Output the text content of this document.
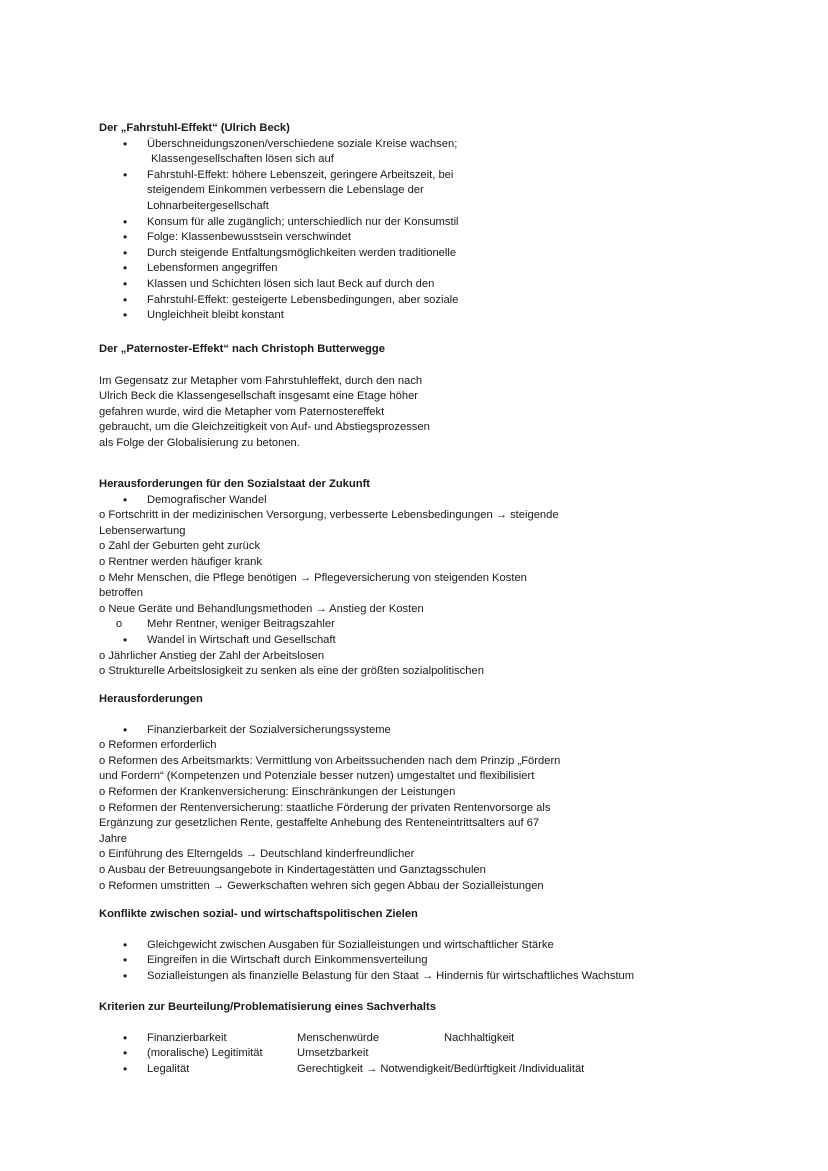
Der „Fahrstuhl-Effekt“ (Ulrich Beck)
• Überschneidungszonen/verschiedene soziale Kreise wachsen;
Klassengesellschaften lösen sich auf
• Fahrstuhl-Effekt: höhere Lebenszeit, geringere Arbeitszeit, bei
steigendem Einkommen verbessern die Lebenslage der
Lohnarbeitergesellschaft
• Konsum für alle zugänglich; unterschiedlich nur der Konsumstil
• Folge: Klassenbewusstsein verschwindet
• Durch steigende Entfaltungsmöglichkeiten werden traditionelle
• Lebensformen angegriffen
• Klassen und Schichten lösen sich laut Beck auf durch den
• Fahrstuhl-Effekt: gesteigerte Lebensbedingungen, aber soziale
• Ungleichheit bleibt konstant
Der „Paternoster-Effekt“ nach Christoph Butterwegge

Im Gegensatz zur Metapher vom Fahrstuhleffekt, durch den nach

Ulrich Beck die Klassengesellschaft insgesamt eine Etage höher

gefahren wurde, wird die Metapher vom Paternostereffekt

gebraucht, um die Gleichzeitigkeit von Auf- und Abstiegsprozessen

als Folge der Globalisierung zu betonen.

Herausforderungen für den Sozialstaat der Zukunft
• Demografischer Wandel

o Fortschritt in der medizinischen Versorgung, verbesserte Lebensbedingungen → steigende

Lebenserwartung

o Zahl der Geburten geht zurück

o Rentner werden häufiger krank

o Mehr Menschen, die Pflege benötigen → Pflegeversicherung von steigenden Kosten

betroffen

o Neue Geräte und Behandlungsmethoden → Anstieg der Kosten

o Mehr Rentner, weniger Beitragszahler
• Wandel in Wirtschaft und Gesellschaft

o Jährlicher Anstieg der Zahl der Arbeitslosen

o Strukturelle Arbeitslosigkeit zu senken als eine der größten sozialpolitischen

Herausforderungen
• Finanzierbarkeit der Sozialversicherungssysteme

o Reformen erforderlich

o Reformen des Arbeitsmarkts: Vermittlung von Arbeitssuchenden nach dem Prinzip „Fördern

und Fordern“ (Kompetenzen und Potenziale besser nutzen) umgestaltet und flexibilisiert

o Reformen der Krankenversicherung: Einschränkungen der Leistungen

o Reformen der Rentenversicherung: staatliche Förderung der privaten Rentenvorsorge als

Ergänzung zur gesetzlichen Rente, gestaffelte Anhebung des Renteneintrittsalters auf 67

Jahre

o Einführung des Elterngelds → Deutschland kinderfreundlicher

o Ausbau der Betreuungsangebote in Kindertagestätten und Ganztagsschulen

o Reformen umstritten → Gewerkschaften wehren sich gegen Abbau der Sozialleistungen

Konflikte zwischen sozial- und wirtschaftspolitischen Zielen
• Gleichgewicht zwischen Ausgaben für Sozialleistungen und wirtschaftlicher Stärke
• Eingreifen in die Wirtschaft durch Einkommensverteilung
• Sozialleistungen als finanzielle Belastung für den Staat → Hindernis für wirtschaftliches Wachstum
Kriterien zur Beurteilung/Problematisierung eines Sachverhalts
• Finanzierbarkeit	Menschenwürde	Nachhaltigkeit
• (moralische) Legitimität	Umsetzbarkeit
• Legalität	Gerechtigkeit → Notwendigkeit/Bedürftigkeit /Individualität
